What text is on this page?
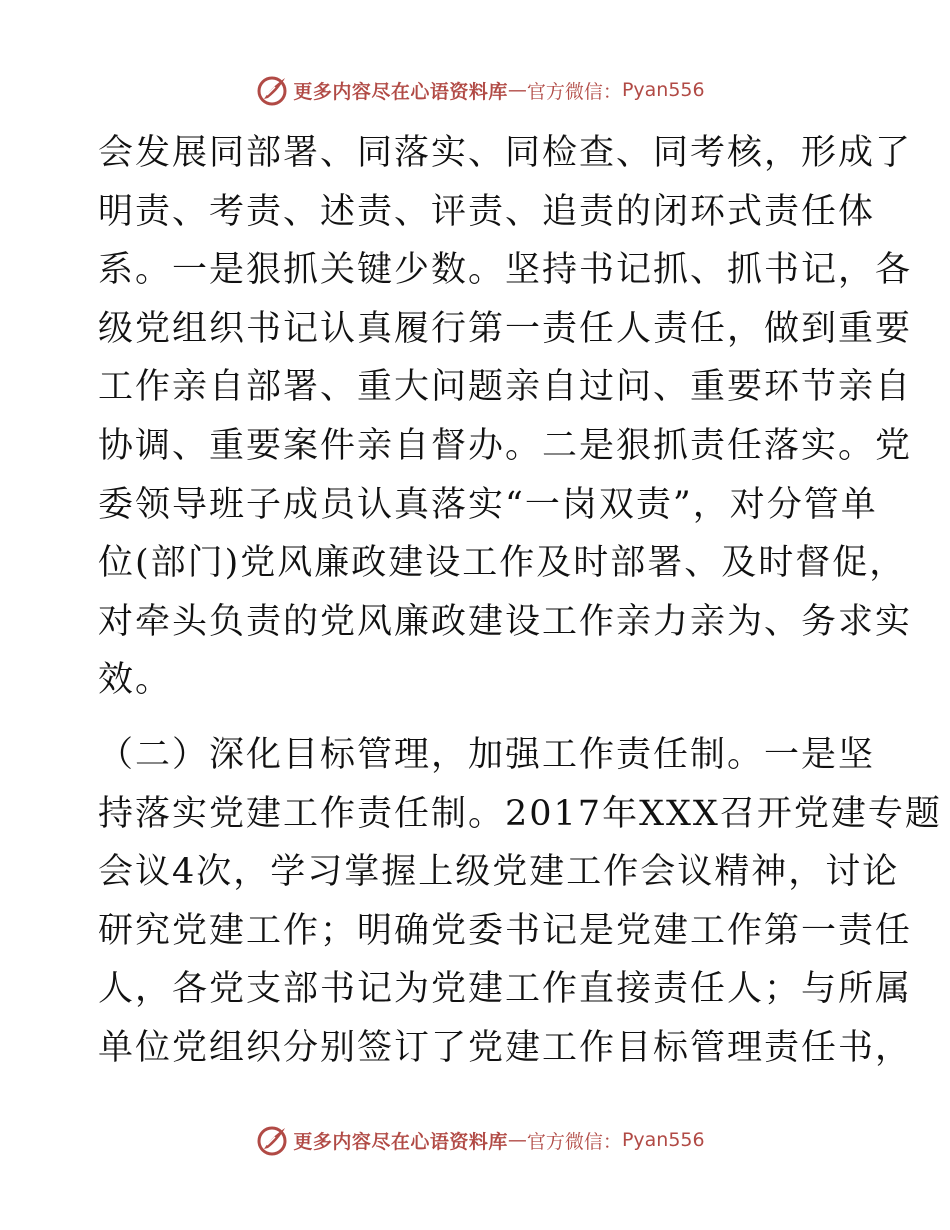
更多内容尽在心语资料库 — 官方微信： Pyan556
会发展同部署、同落实、同检查、同考核，形成了
明责、考责、述责、评责、追责的闭环式责任体
系。一是狠抓关键少数。坚持书记抓、抓书记，各
级党组织书记认真履行第一责任人责任，做到重要
工作亲自部署、重大问题亲自过问、重要环节亲自
协调、重要案件亲自督办。二是狠抓责任落实。党
委领导班子成员认真落实“一岗双责”，对分管单
位(部门)党风廉政建设工作及时部署、及时督促，
对牵头负责的党风廉政建设工作亲力亲为、务求实
效。
（二）深化目标管理，加强工作责任制。一是坚
持落实党建工作责任制。2017年XXX召开党建专题
会议4次，学习掌握上级党建工作会议精神，讨论
研究党建工作；明确党委书记是党建工作第一责任
人，各党支部书记为党建工作直接责任人；与所属
单位党组织分别签订了党建工作目标管理责任书，
更多内容尽在心语资料库 — 官方微信： Pyan556
